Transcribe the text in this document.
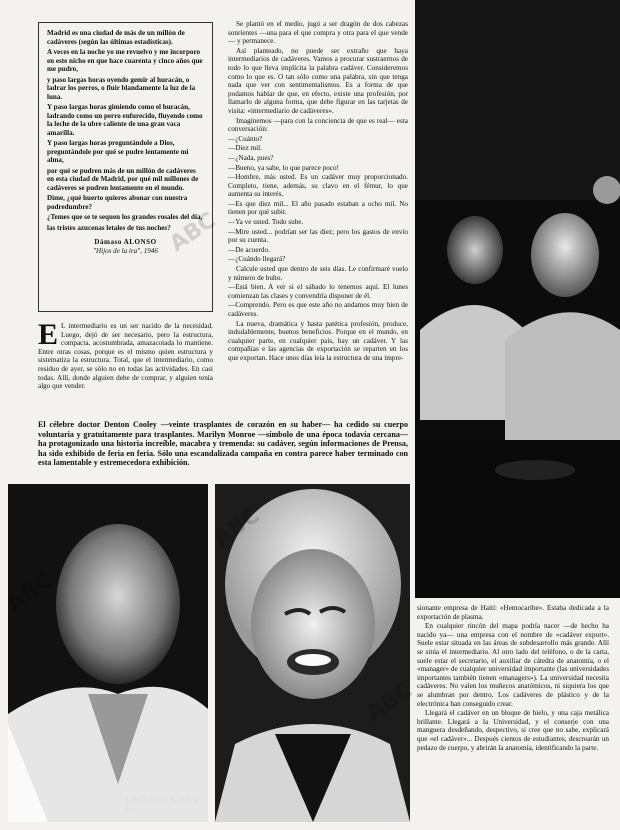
Madrid es una ciudad de más de un millón de cadáveres (según las últimas estadísticas).

A veces en la noche yo me revuelvo y me incorporo en este nicho en que hace cuarenta y cinco años que me pudro,

y paso largas horas oyendo gemir al huracán, o ladrar los perros, o fluir blandamente la luz de la luna.

Y paso largas horas gimiendo como el huracán, ladrando como un perro enfurecido, fluyendo como la leche de la ubre caliente de una gran vaca amarilla.

Y paso largas horas preguntándole a Dios, preguntándole por qué se pudre lentamente mi alma,

por qué se pudren más de un millón de cadáveres en esta ciudad de Madrid, por qué mil millones de cadáveres se pudren lentamente en el mundo.

Dime, ¿qué huerto quieres abonar con nuestra podredumbre?

¿Temes que se te sequen los grandes rosales del día,

las tristes azucenas letales de tus noches?

Dámaso ALONSO
"Hijos de la ira", 1946
E L intermediario es un ser nacido de la necesidad. Luego, dejó de ser necesario, pero la estructura, compacta, acostumbrada, amazacotada lo mantiene. Entre otras cosas, porque es el mismo quien estructura y sistematiza la estructura. Total, que el intermediario, como residuo de ayer, se sólo no en todas las actividades. En casi todas. Allí, donde alguien debe de comprar, y alguien tenía algo que vender.

Se plantó en el medio, jugó a ser dragón de dos cabezas sonrientes —una para el que compra y otra para el que vende— y permanece.

Así planteado, no puede ser extraño que haya intermediarios de cadáveres. Vamos a procurar sustraernos de todo lo que lleva implícita la palabra cadáver. Consideremos como lo que es. O tan sólo como una palabra, sin que tenga nada que ver con sentimentalismos. Es a forma de que podamos hablar de que, en efecto, existe una profesión, por llamarlo de alguna forma, que debe figurar en las tarjetas de visita: «intermediario de cadáveres».

Imaginemos —para con la conciencia de que es real— esta conversación:

—¿Cuánto?

—Diez mil.

—¿Nada, pues?

—Bueno, ya sabe, lo que parece poco!

—Hombre, más usted. Es un cadáver muy proporcionado. Completo, tiene, además, su clavo en el fémur, lo que aumenta su interés.

—Es que diez mil... El año pasado estaban a ocho mil. No tienen por qué subir.

—Ya ve usted. Todo sube.

—Mire usted... podrían ser las diez; pero los gastos de envío por su cuenta.

—De acuerdo.

—¿Cuándo llegará?

Calcule usted que dentro de seis días. Le confirmaré vuelo y número de bulto.

—Está bien. A ver si el sábado lo tenemos aquí. El lunes comienzan las clases y convendría disponer de él.

—Comprendo. Pero es que este año no andamos muy bien de cadáveres.

La nueva, dramática y hasta patética profesión, produce, indudablemente, buenos beneficios. Porque en el mundo, en cualquier parte, en cualquier país, hay un cadáver. Y las compañías e las agencias de exportación se reparten en los que exportan. Hace unos días leía la estructura de una impre-

El célebre doctor Denton Cooley —veinte trasplantes de corazón en su haber— ha cedido su cuerpo voluntaria y gratuitamente para trasplantes. Marilyn Monroe —símbolo de una época todavía cercana— ha protagonizado una historia increíble, macabra y tremenda: su cadáver, según informaciones de Prensa, ha sido exhibido de feria en feria. Sólo una escandalizada campaña en contra parece haber terminado con esta lamentable y estremecedora exhibición.
Lealtad de Cooley L.

sionante empresa de Haití: «Hemocaribe». Estaba dedicada a la exportación de plasma.

En cualquier rincón del mapa podría nacer —de hecho ha nacido ya— una empresa con el nombre de «cadáver export». Suele estar situada en las áreas de subdesarrollo más grande. Allí se sitúa el intermediario. Al otro lado del teléfono, o de la carta, suele estar el secretario, el auxiliar de cátedra de anatomía, o el «manager» de cualquier universidad importante (las universidades importantes también tienen «managers»). La universidad necesita cadáveres. No valen los muñecos anatómicos, ni siquiera los que se alumbran por dentro. Los cadáveres de plástico y de la electrónica han conseguido crear.

Llegará el cadáver en un bloque de hielo, y una caja metálica brillante. Llegará a la Universidad, y el conserje con una manguera desdeñando, despectivo, si cree que no sabe, explicará que «el cadáver»... Después cientos de estudiantes, descrearán un pedazo de cuerpo, y abrirán la anatomía, identificando la parte.

ABC
